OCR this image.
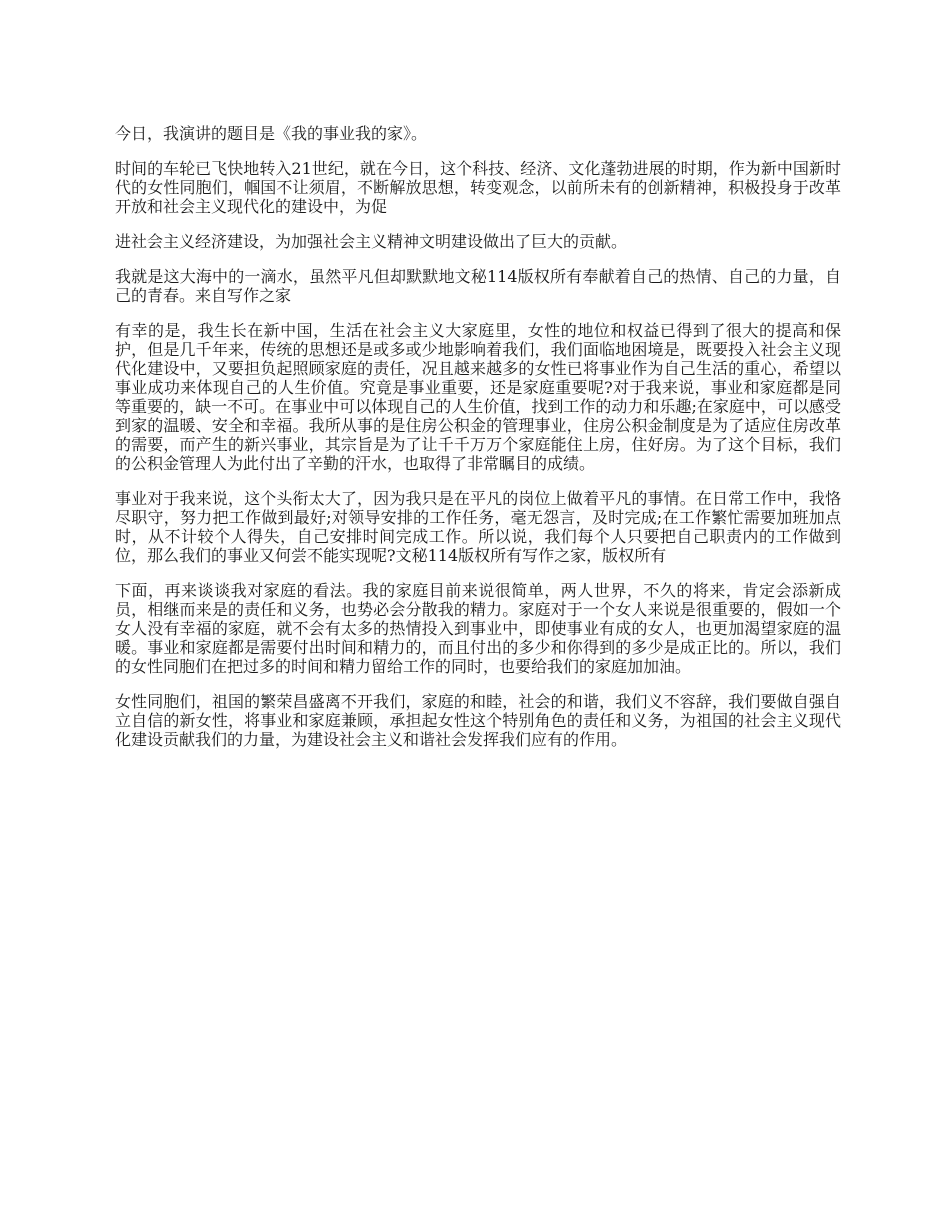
今日，我演讲的题目是《我的事业我的家》。

时间的车轮已飞快地转入21世纪，就在今日，这个科技、经济、文化蓬勃进展的时期，作为新中国新时代的女性同胞们，帼国不让须眉，不断解放思想，转变观念，以前所未有的创新精神，积极投身于改革开放和社会主义现代化的建设中，为促

进社会主义经济建设，为加强社会主义精神文明建设做出了巨大的贡献。

我就是这大海中的一滴水，虽然平凡但却默默地文秘114版权所有奉献着自己的热情、自己的力量，自己的青春。来自写作之家

有幸的是，我生长在新中国，生活在社会主义大家庭里，女性的地位和权益已得到了很大的提高和保护，但是几千年来，传统的思想还是或多或少地影响着我们，我们面临地困境是，既要投入社会主义现代化建设中，又要担负起照顾家庭的责任，况且越来越多的女性已将事业作为自己生活的重心，希望以事业成功来体现自己的人生价值。究竟是事业重要，还是家庭重要呢?对于我来说，事业和家庭都是同等重要的，缺一不可。在事业中可以体现自己的人生价值，找到工作的动力和乐趣;在家庭中，可以感受到家的温暖、安全和幸福。我所从事的是住房公积金的管理事业，住房公积金制度是为了适应住房改革的需要，而产生的新兴事业，其宗旨是为了让千千万万个家庭能住上房，住好房。为了这个目标，我们的公积金管理人为此付出了辛勤的汗水，也取得了非常瞩目的成绩。

事业对于我来说，这个头衔太大了，因为我只是在平凡的岗位上做着平凡的事情。在日常工作中，我恪尽职守，努力把工作做到最好;对领导安排的工作任务，毫无怨言，及时完成;在工作繁忙需要加班加点时，从不计较个人得失，自己安排时间完成工作。所以说，我们每个人只要把自己职责内的工作做到位，那么我们的事业又何尝不能实现呢?文秘114版权所有写作之家，版权所有

下面，再来谈谈我对家庭的看法。我的家庭目前来说很简单，两人世界，不久的将来，肯定会添新成员，相继而来是的责任和义务，也势必会分散我的精力。家庭对于一个女人来说是很重要的，假如一个女人没有幸福的家庭，就不会有太多的热情投入到事业中，即使事业有成的女人，也更加渴望家庭的温暖。事业和家庭都是需要付出时间和精力的，而且付出的多少和你得到的多少是成正比的。所以，我们的女性同胞们在把过多的时间和精力留给工作的同时，也要给我们的家庭加加油。

女性同胞们，祖国的繁荣昌盛离不开我们，家庭的和睦，社会的和谐，我们义不容辞，我们要做自强自立自信的新女性，将事业和家庭兼顾，承担起女性这个特别角色的责任和义务，为祖国的社会主义现代化建设贡献我们的力量，为建设社会主义和谐社会发挥我们应有的作用。
